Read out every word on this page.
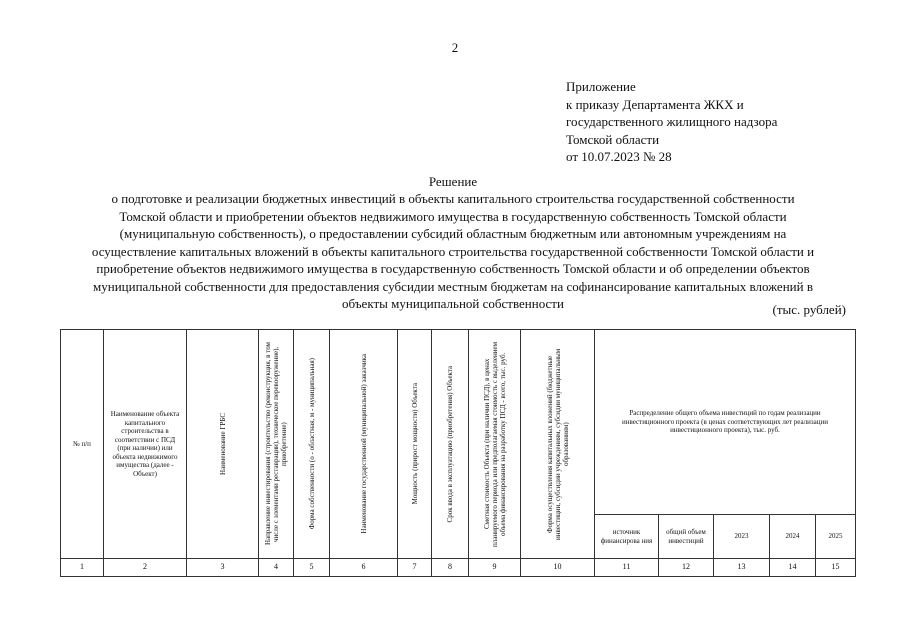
2
Приложение
к приказу Департамента ЖКХ и
государственного жилищного надзора
Томской области
от 10.07.2023 № 28
Решение
о подготовке и реализации бюджетных инвестиций в объекты капитального строительства государственной собственности
Томской области и приобретении объектов недвижимого имущества в государственную собственность Томской области
(муниципальную собственность), о предоставлении субсидий областным бюджетным или автономным учреждениям на
осуществление капитальных вложений в объекты капитального строительства государственной собственности Томской области и
приобретение объектов недвижимого имущества в государственную собственность Томской области и об определении объектов
муниципальной собственности для предоставления субсидии местным бюджетам на софинансирование капитальных вложений в
объекты муниципальной собственности	(тыс. рублей)
№ п/п	Наименование объекта капитального строительства в соответствии с ПСД (при наличии) или объекта недвижимого имущества (далее - Объект)	Наименование ГРБС	Направление инвестирования (строительство (реконструкция, в том числе с элементами реставрации), техническое перевооружение), приобретение)	Форма собственности (о - областная, м - муниципальная)	Наименование государственной (муниципальной) заказчика	Мощность (прирост мощности) Объекта	Срок ввода в эксплуатацию (приобретения) Объекта	Сметная стоимость Объекта (при наличии ПСД), в ценах планируемого периода или предполагаемая стоимость с выделением объема финансирования на разработку ПСД - всего, тыс. руб.	Форма осуществления капитальных вложений (бюджетные инвестиции, субсидии учреждениям, субсидии муниципальным образованиям)	Распределение общего объема инвестиций по годам реализации инвестиционного проекта (в ценах соответствующих лет реализации инвестиционного проекта), тыс. руб.				

										источник финансирова ния	общий объем инвестиций	2023	2024	2025

1	2	3	4	5	6	7	8	9	10	11	12	13	14	15
